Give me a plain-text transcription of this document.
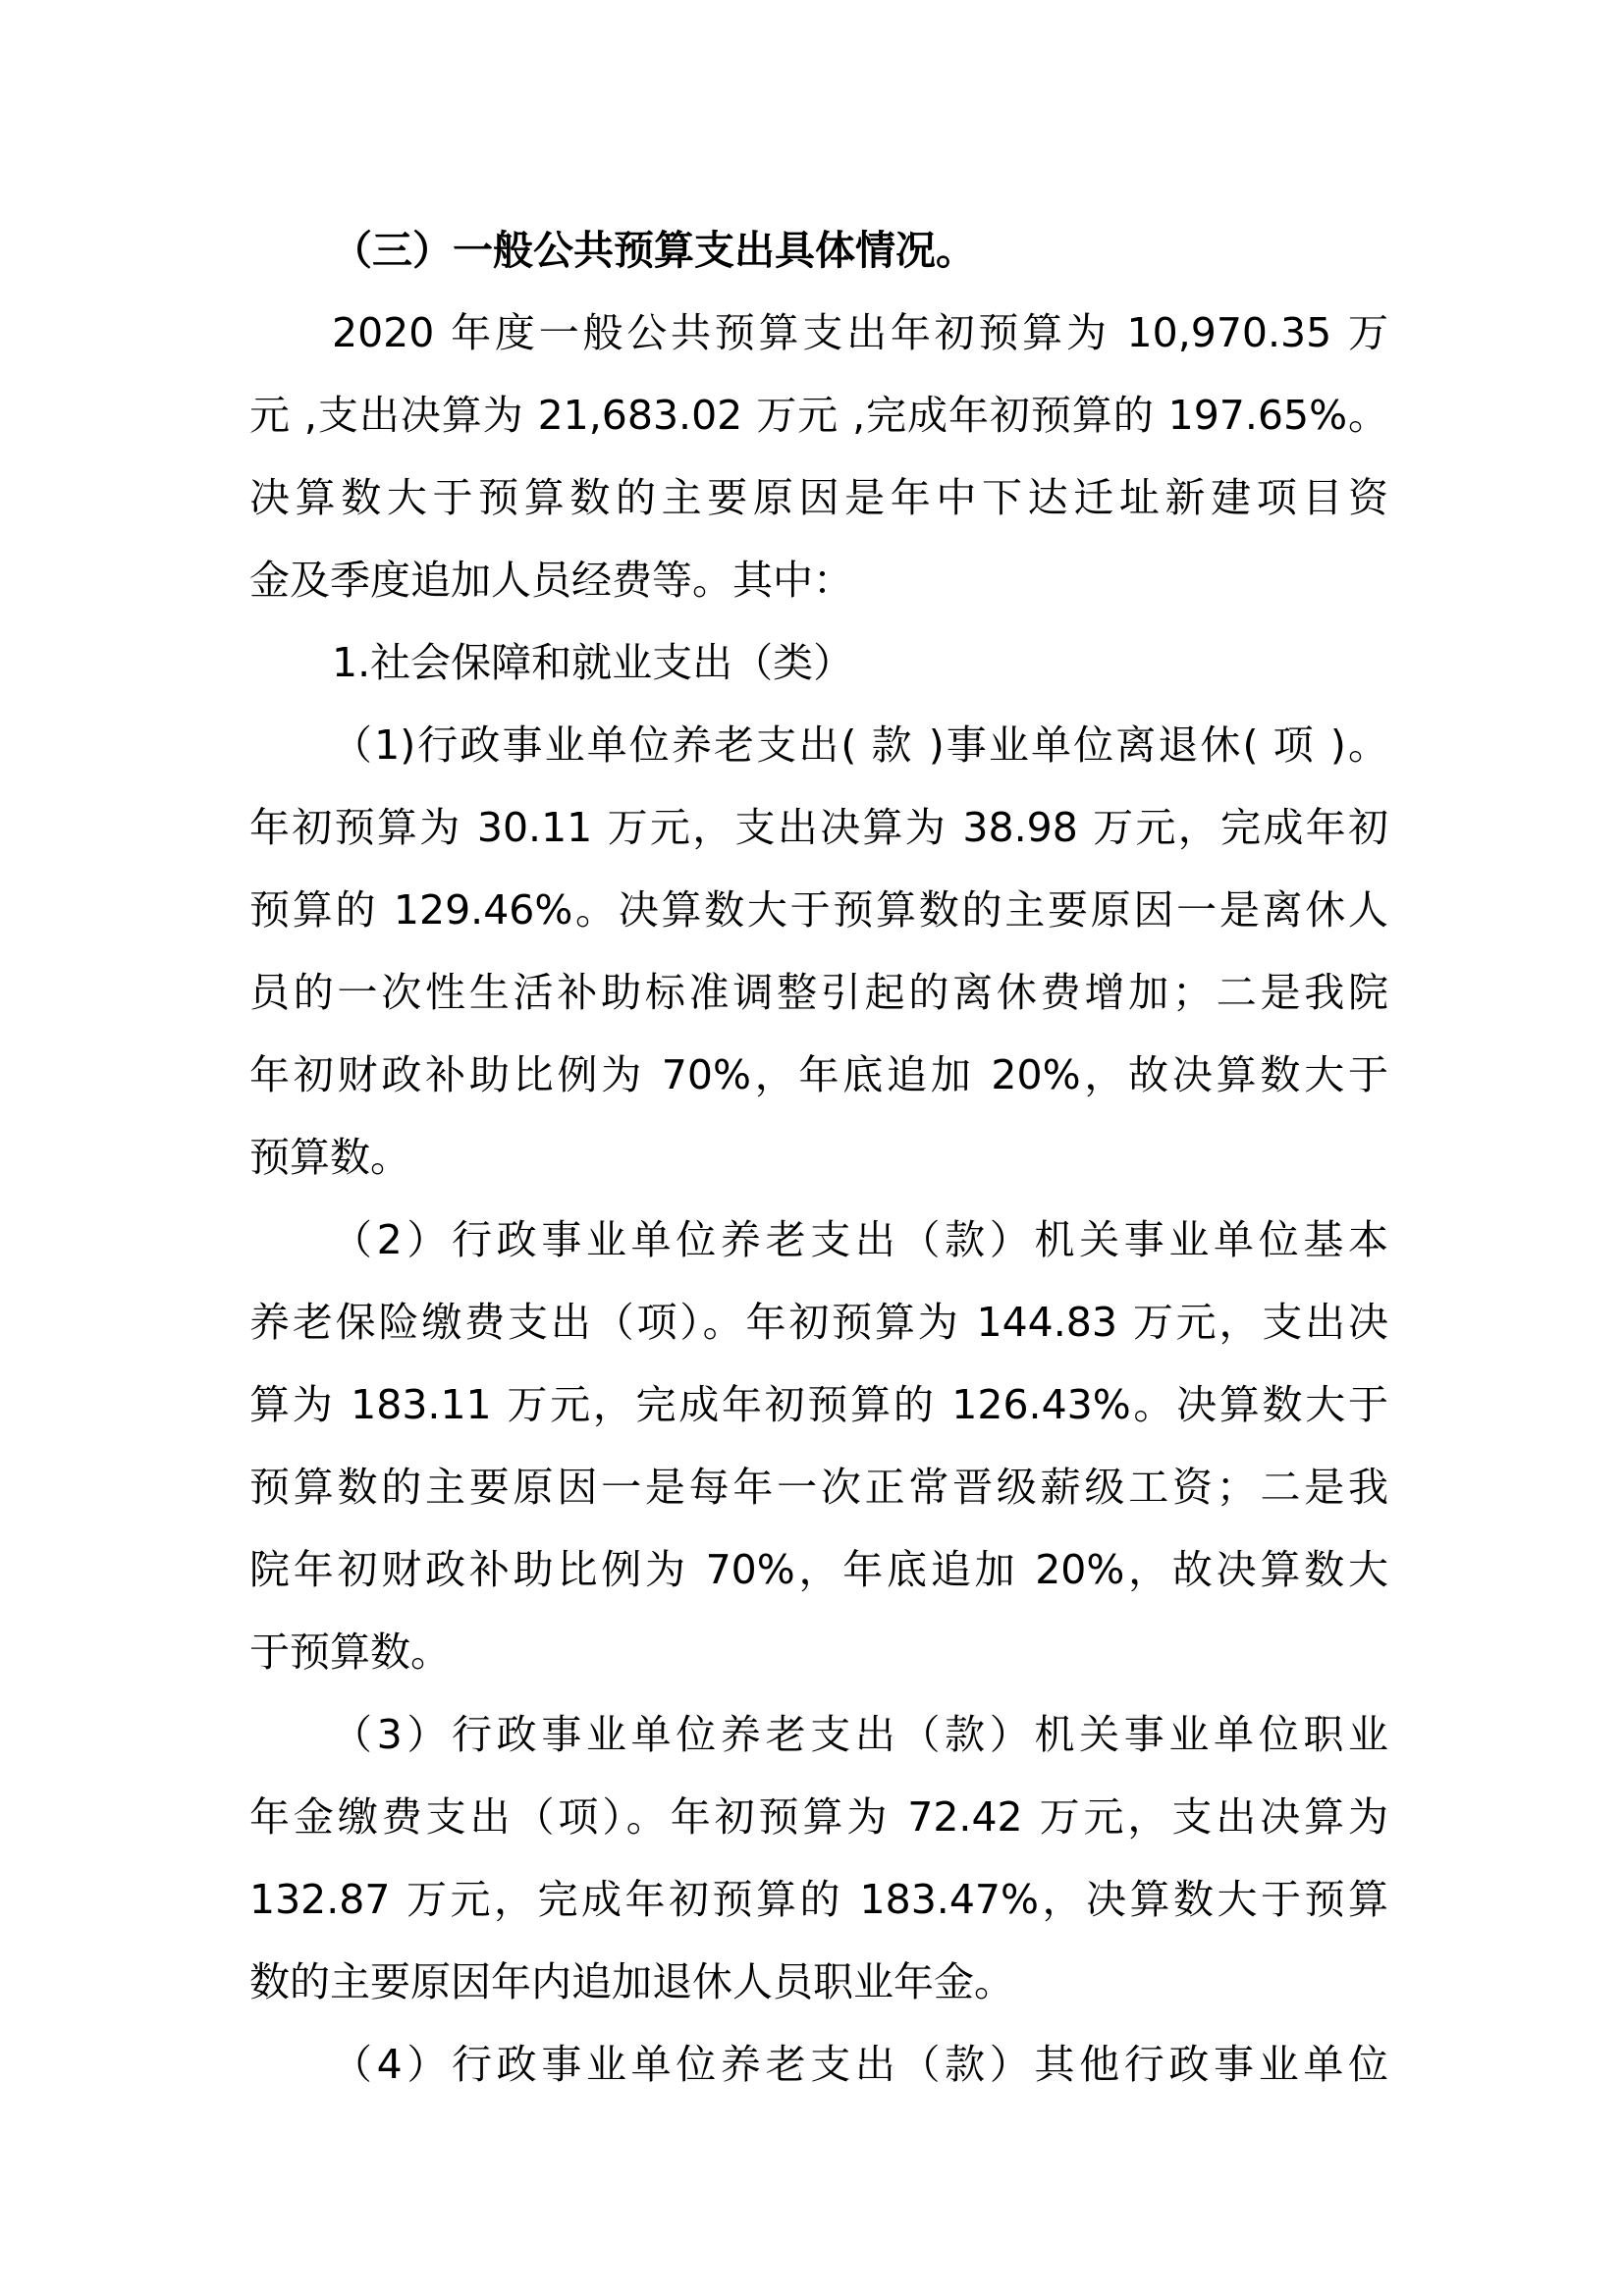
（三）一般公共预算支出具体情况。
2020 年度一般公共预算支出年初预算为 10,970.35 万
元 ,支出决算为 21,683.02 万元 ,完成年初预算的 197.65%。
决算数大于预算数的主要原因是年中下达迁址新建项目资
金及季度追加人员经费等。其中：
1.社会保障和就业支出（类）
（1)行政事业单位养老支出( 款 )事业单位离退休( 项 )。
年初预算为 30.11 万元，支出决算为 38.98 万元，完成年初
预算的 129.46%。决算数大于预算数的主要原因一是离休人
员的一次性生活补助标准调整引起的离休费增加；二是我院
年初财政补助比例为 70%，年底追加 20%，故决算数大于
预算数。
（2）行政事业单位养老支出（款）机关事业单位基本
养老保险缴费支出（项）。年初预算为 144.83 万元，支出决
算为 183.11 万元，完成年初预算的 126.43%。决算数大于
预算数的主要原因一是每年一次正常晋级薪级工资；二是我
院年初财政补助比例为 70%，年底追加 20%，故决算数大
于预算数。
（3）行政事业单位养老支出（款）机关事业单位职业
年金缴费支出（项）。年初预算为 72.42 万元，支出决算为
132.87 万元，完成年初预算的 183.47%，决算数大于预算
数的主要原因年内追加退休人员职业年金。
（4）行政事业单位养老支出（款）其他行政事业单位
